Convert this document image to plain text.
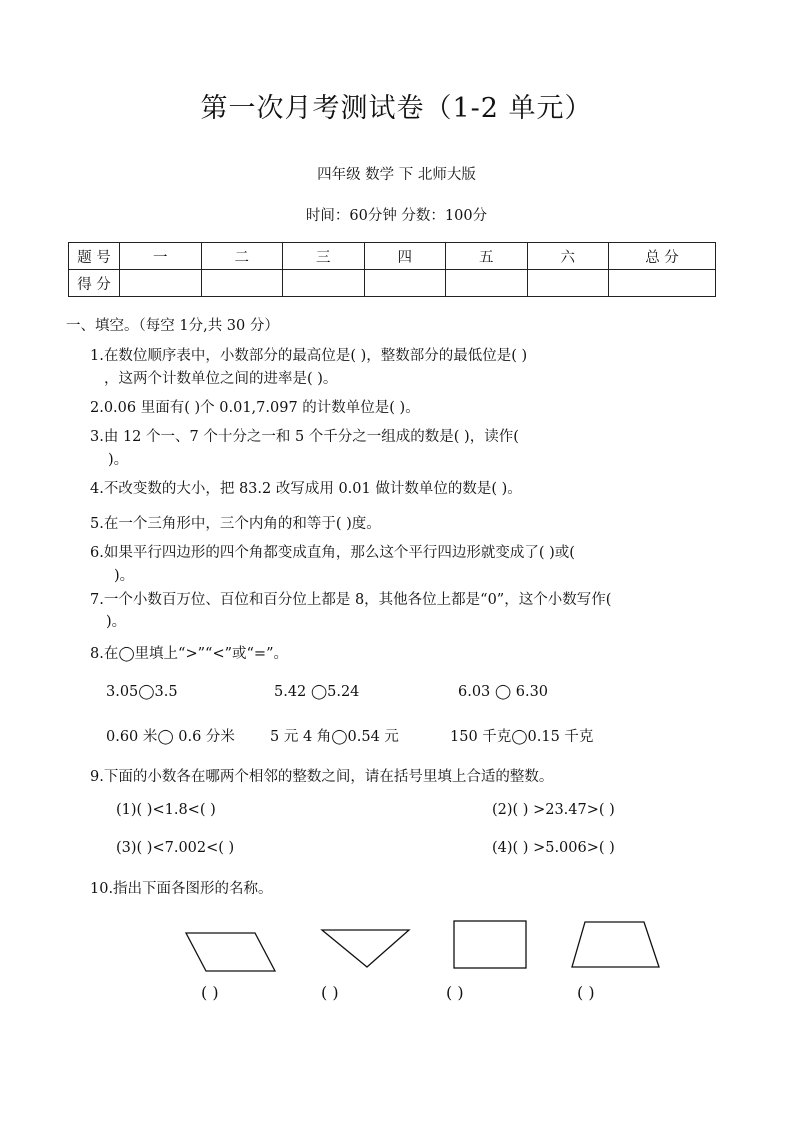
第一次月考测试卷（1-2 单元）
四年级 数学 下 北师大版
时间：60分钟 分数：100分
题 号	一	二	三	四	五	六	总 分
得 分							
一、填空。（每空 1分,共 30 分）
1.在数位顺序表中，小数部分的最高位是( )，整数部分的最低位是( )
，这两个计数单位之间的进率是( )。
2.0.06 里面有( )个 0.01,7.097 的计数单位是( )。
3.由 12 个一、7 个十分之一和 5 个千分之一组成的数是( )，读作(
)。
4.不改变数的大小，把 83.2 改写成用 0.01 做计数单位的数是( )。
5.在一个三角形中，三个内角的和等于( )度。
6.如果平行四边形的四个角都变成直角，那么这个平行四边形就变成了( )或(
)。
7.一个小数百万位、百位和百分位上都是 8，其他各位上都是“0”，这个小数写作(
)。
8.在◯里填上“>”“<”或“=”。
3.05◯3.5	5.42 ◯5.24	6.03 ◯ 6.30
0.60 米◯ 0.6 分米 5 元 4 角◯0.54 元	150 千克◯0.15 千克
9.下面的小数各在哪两个相邻的整数之间，请在括号里填上合适的整数。
(1)( )<1.8<( )	(2)( ) >23.47>( )
(3)( )<7.002<( )	(4)( ) >5.006>( )
10.指出下面各图形的名称。
( )	( )	( )	( )
